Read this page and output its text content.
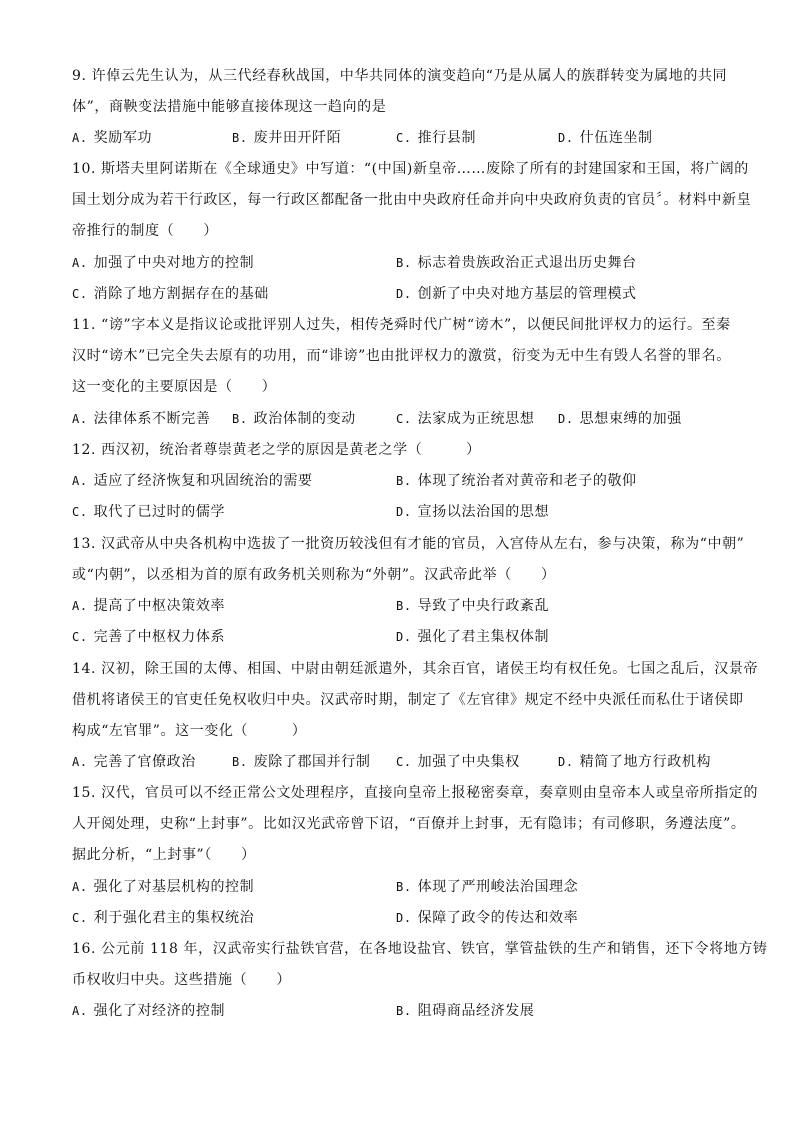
9. 许倬云先生认为，从三代经春秋战国，中华共同体的演变趋向“乃是从属人的族群转变为属地的共同
体”，商鞅变法措施中能够直接体现这一趋向的是
A. 奖励军功	B. 废井田开阡陌	C. 推行县制	D. 什伍连坐制
10. 斯塔夫里阿诺斯在《全球通史》中写道：“(中国)新皇帝……废除了所有的封建国家和王国，将广阔的
国土划分成为若干行政区，每一行政区都配备一批由中央政府任命并向中央政府负责的官员〞。材料中新皇
帝推行的制度（　　）
A. 加强了中央对地方的控制	B. 标志着贵族政治正式退出历史舞台
C. 消除了地方割据存在的基础	D. 创新了中央对地方基层的管理模式
11. “谤”字本义是指议论或批评别人过失，相传尧舜时代广树“谤木”，以便民间批评权力的运行。至秦
汉时“谤木”已完全失去原有的功用，而“诽谤”也由批评权力的激赏，衍变为无中生有毁人名誉的罪名。
这一变化的主要原因是（　　）
A. 法律体系不断完善 B. 政治体制的变动	C. 法家成为正统思想 D. 思想束缚的加强
12. 西汉初，统治者尊崇黄老之学的原因是黄老之学（　　　）
A. 适应了经济恢复和巩固统治的需要	B. 体现了统治者对黄帝和老子的敬仰
C. 取代了已过时的儒学	D. 宣扬以法治国的思想
13. 汉武帝从中央各机构中选拔了一批资历较浅但有才能的官员，入宫侍从左右，参与决策，称为“中朝”
或“内朝”，以丞相为首的原有政务机关则称为“外朝”。汉武帝此举（　　）
A. 提高了中枢决策效率	B. 导致了中央行政紊乱
C. 完善了中枢权力体系	D. 强化了君主集权体制
14. 汉初，除王国的太傅、相国、中尉由朝廷派遣外，其余百官，诸侯王均有权任免。七国之乱后，汉景帝
借机将诸侯王的官吏任免权收归中央。汉武帝时期，制定了《左官律》规定不经中央派任而私仕于诸侯即
构成“左官罪”。这一变化（　　　）
A. 完善了官僚政治	B. 废除了郡国并行制 C. 加强了中央集权	D. 精简了地方行政机构
15. 汉代，官员可以不经正常公文处理程序，直接向皇帝上报秘密奏章，奏章则由皇帝本人或皇帝所指定的
人开阅处理，史称“上封事”。比如汉光武帝曾下诏，“百僚并上封事，无有隐讳；有司修职，务遵法度”。
据此分析，“上封事”（　　）
A. 强化了对基层机构的控制	B. 体现了严刑峻法治国理念
C. 利于强化君主的集权统治	D. 保障了政令的传达和效率
16. 公元前 118 年，汉武帝实行盐铁官营，在各地设盐官、铁官，掌管盐铁的生产和销售，还下令将地方铸
币权收归中央。这些措施（　　）
A. 强化了对经济的控制	B. 阻碍商品经济发展
